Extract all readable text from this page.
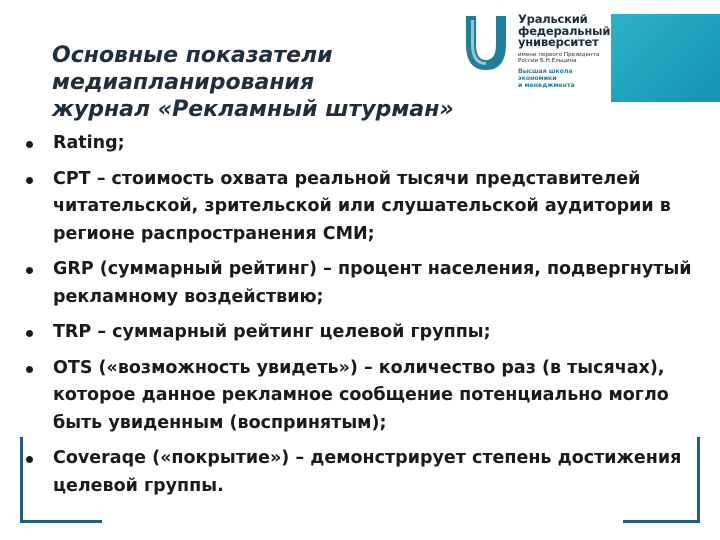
Уральский
федеральный
университет
имени первого Президента
России Б.Н.Ельцина
Высшая школа
экономики
и менеджмента
Основные показатели
медиапланирования
журнал «Рекламный штурман»
Rating;
CPT – стоимость охвата реальной тысячи представителей читательской, зрительской или слушательской аудитории в регионе распространения СМИ;
GRP (суммарный рейтинг) – процент населения, подвергнутый рекламному воздействию;
TRP – суммарный рейтинг целевой группы;
OTS («возможность увидеть») – количество раз (в тысячах), которое данное рекламное сообщение потенциально могло быть увиденным (воспринятым);
Coveraqe («покрытие») – демонстрирует степень достижения целевой группы.
